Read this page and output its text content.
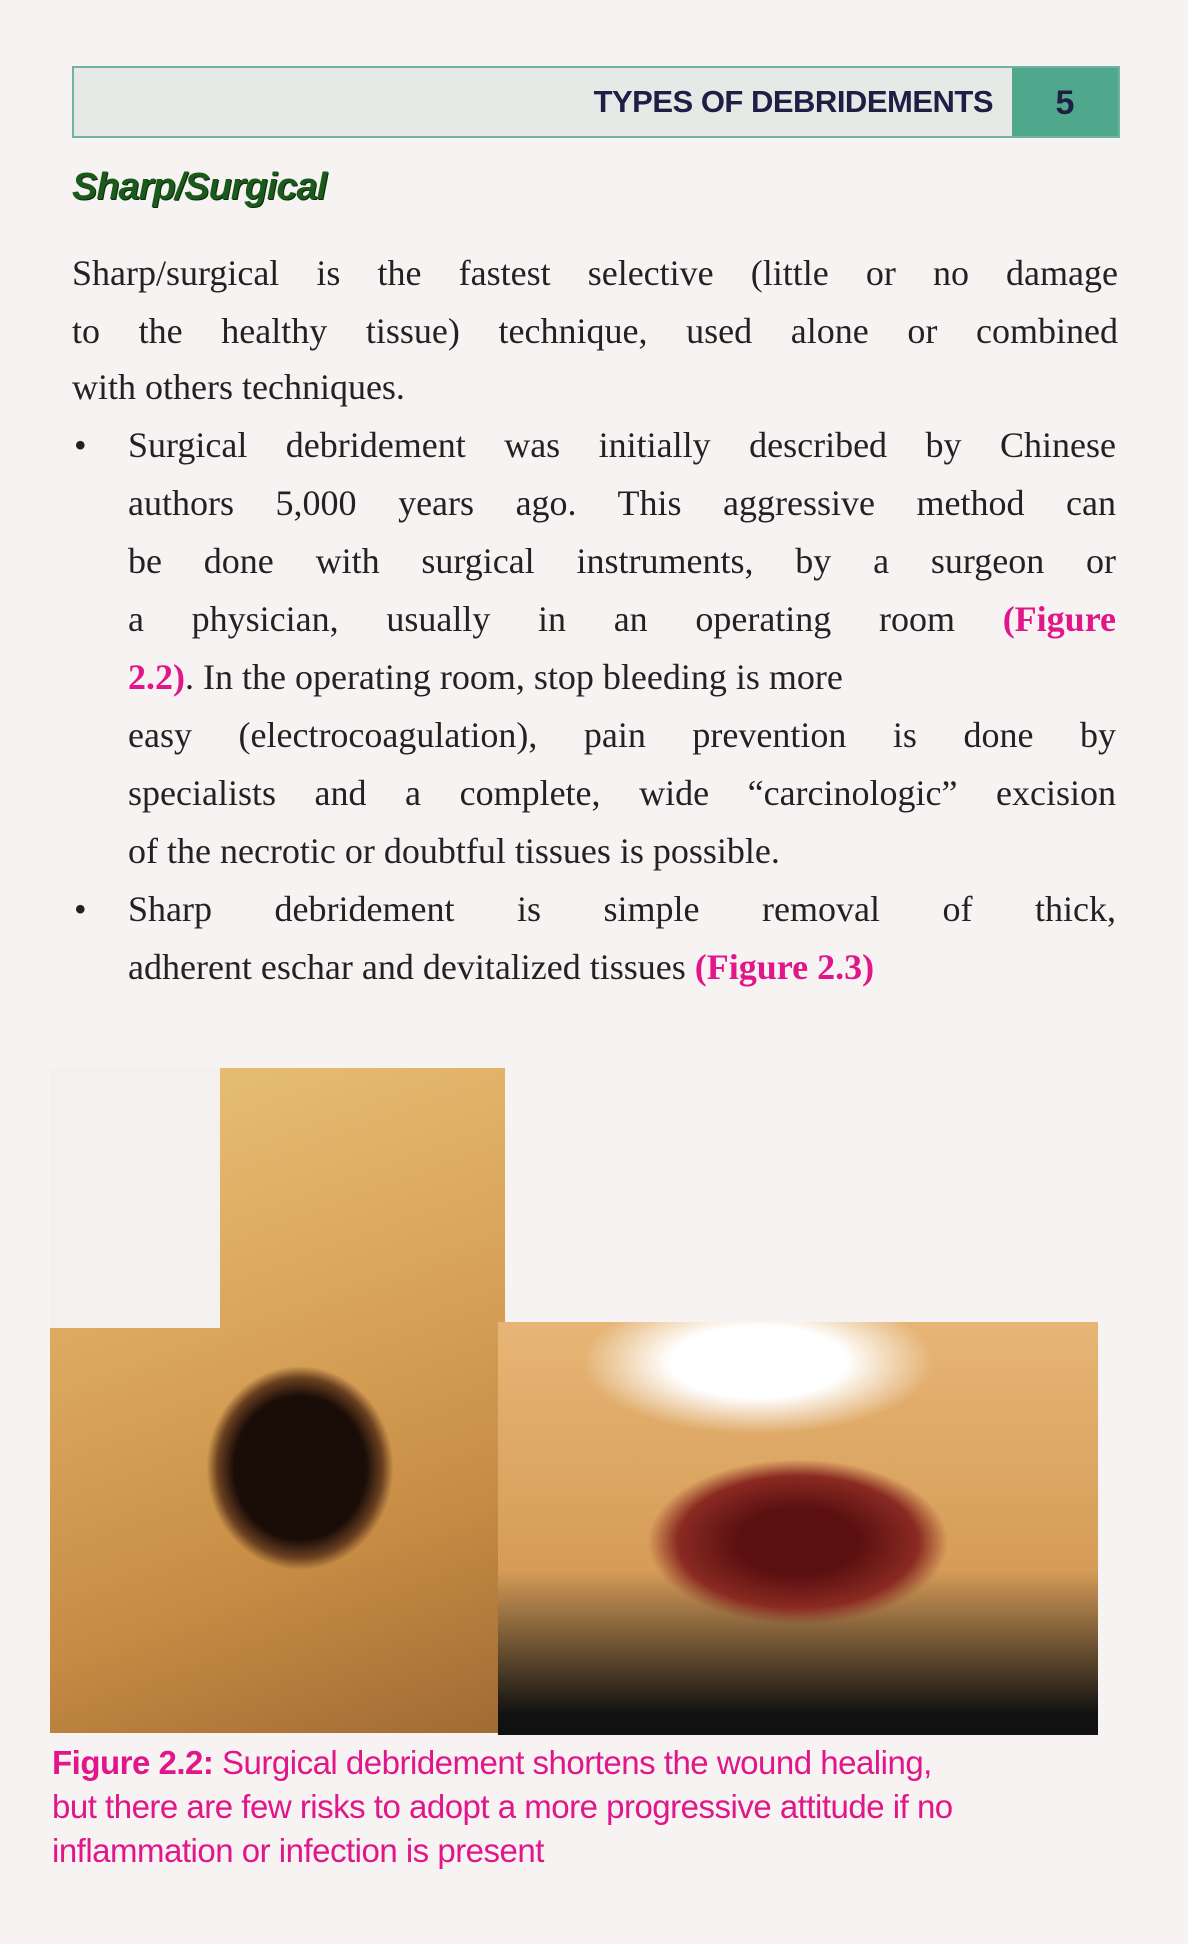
TYPES OF DEBRIDEMENTS	5
Sharp/Surgical
Sharp/surgical is the fastest selective (little or no damage
to the healthy tissue) technique, used alone or combined
with others techniques.
• Surgical debridement was initially described by Chinese
authors 5,000 years ago. This aggressive method can
be done with surgical instruments, by a surgeon or
a physician, usually in an operating room (Figure
2.2). In the operating room, stop bleeding is more
easy (electrocoagulation), pain prevention is done by
specialists and a complete, wide “carcinologic” excision
of the necrotic or doubtful tissues is possible.
• Sharp debridement is simple removal of thick,
adherent eschar and devitalized tissues (Figure 2.3)
Figure 2.2: Surgical debridement shortens the wound healing,
but there are few risks to adopt a more progressive attitude if no
inflammation or infection is present
